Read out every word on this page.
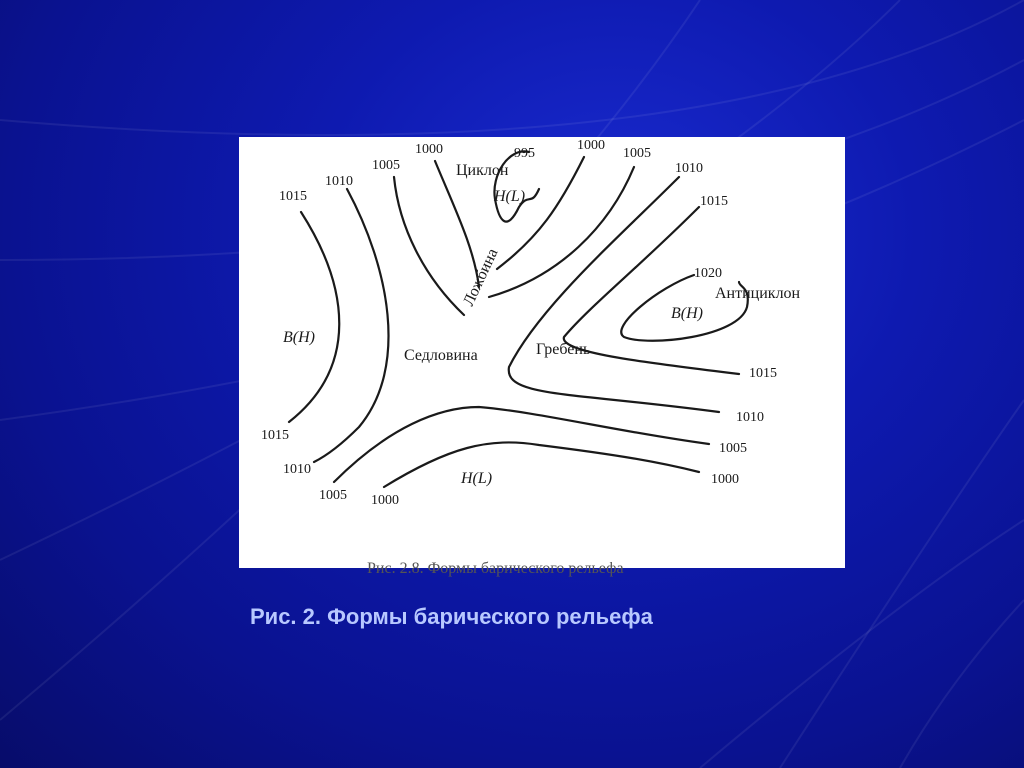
1000	995
1000
1005
1005
1010
1015
1010
1015
1020
1015
1010
1005 1000
1015
1010
1005
1000
Циклон
H(L)
Ложбина
Седловина	Гребень
Антициклон
B(H)
B(H)
H(L)
Рис. 2.8. Формы барического рельефа
Рис. 2. Формы барического рельефа
